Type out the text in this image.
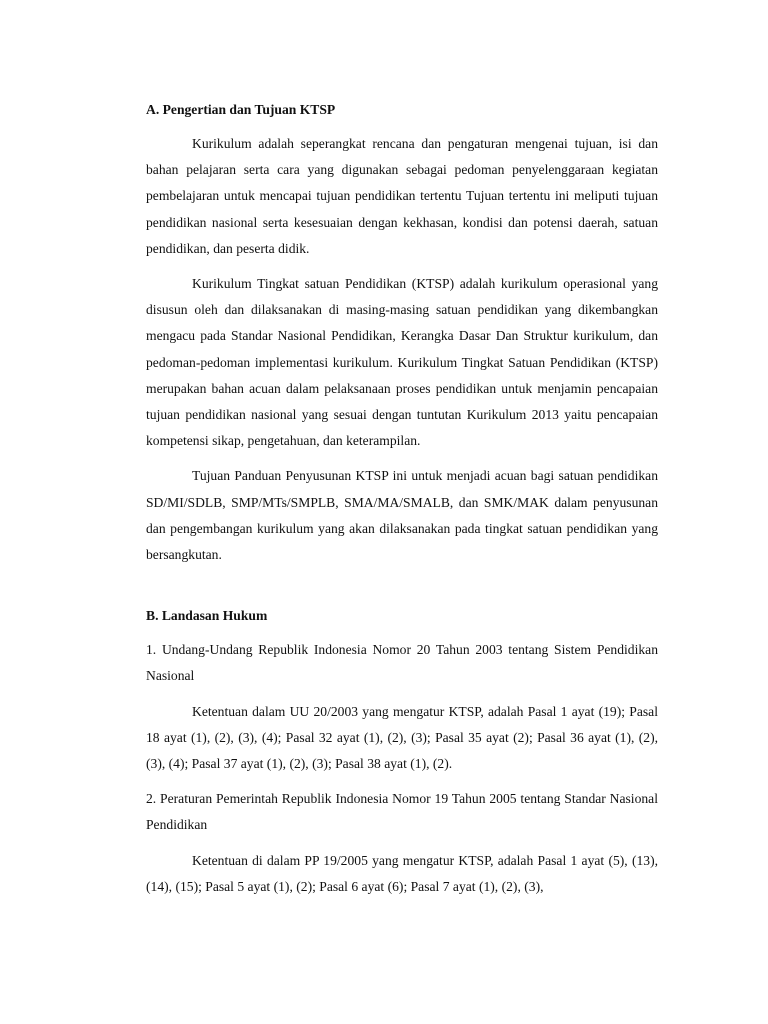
A. Pengertian dan Tujuan KTSP

Kurikulum adalah seperangkat rencana dan pengaturan mengenai tujuan, isi dan bahan pelajaran serta cara yang digunakan sebagai pedoman penyelenggaraan kegiatan pembelajaran untuk mencapai tujuan pendidikan tertentu Tujuan tertentu ini meliputi tujuan pendidikan nasional serta kesesuaian dengan kekhasan, kondisi dan potensi daerah, satuan pendidikan, dan peserta didik.

Kurikulum Tingkat satuan Pendidikan (KTSP) adalah kurikulum operasional yang disusun oleh dan dilaksanakan di masing-masing satuan pendidikan yang dikembangkan mengacu pada Standar Nasional Pendidikan, Kerangka Dasar Dan Struktur kurikulum, dan pedoman-pedoman implementasi kurikulum. Kurikulum Tingkat Satuan Pendidikan (KTSP) merupakan bahan acuan dalam pelaksanaan proses pendidikan untuk menjamin pencapaian tujuan pendidikan nasional yang sesuai dengan tuntutan Kurikulum 2013 yaitu pencapaian kompetensi sikap, pengetahuan, dan keterampilan.

Tujuan Panduan Penyusunan KTSP ini untuk menjadi acuan bagi satuan pendidikan SD/MI/SDLB, SMP/MTs/SMPLB, SMA/MA/SMALB, dan SMK/MAK dalam penyusunan dan pengembangan kurikulum yang akan dilaksanakan pada tingkat satuan pendidikan yang bersangkutan.

B. Landasan Hukum

1. Undang-Undang Republik Indonesia Nomor 20 Tahun 2003 tentang Sistem Pendidikan Nasional

Ketentuan dalam UU 20/2003 yang mengatur KTSP, adalah Pasal 1 ayat (19); Pasal 18 ayat (1), (2), (3), (4); Pasal 32 ayat (1), (2), (3); Pasal 35 ayat (2); Pasal 36 ayat (1), (2), (3), (4); Pasal 37 ayat (1), (2), (3); Pasal 38 ayat (1), (2).

2. Peraturan Pemerintah Republik Indonesia Nomor 19 Tahun 2005 tentang Standar Nasional Pendidikan

Ketentuan di dalam PP 19/2005 yang mengatur KTSP, adalah Pasal 1 ayat (5), (13), (14), (15); Pasal 5 ayat (1), (2); Pasal 6 ayat (6); Pasal 7 ayat (1), (2), (3),
